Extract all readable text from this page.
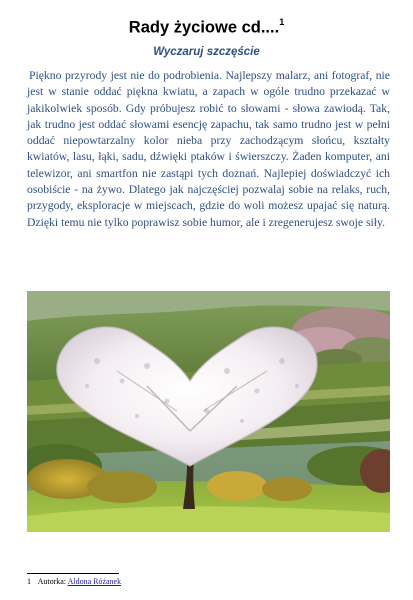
Rady życiowe cd....$^1$
Wyczaruj szczęście

Piękno przyrody jest nie do podrobienia. Najlepszy malarz, ani fotograf, nie jest w stanie oddać piękna kwiatu, a zapach w ogóle trudno przekazać w jakikolwiek sposób. Gdy próbujesz robić to słowami - słowa zawiodą. Tak, jak trudno jest oddać słowami esencję zapachu, tak samo trudno jest w pełni oddać niepowtarzalny kolor nieba przy zachodzącym słońcu, kształty kwiatów, lasu, łąki, sadu, dźwięki ptaków i świerszczy. Żaden komputer, ani telewizor, ani smartfon nie zastąpi tych doznań. Najlepiej doświadczyć ich osobiście - na żywo. Dlatego jak najczęściej pozwalaj sobie na relaks, ruch, przygody, eksploracje w miejscach, gdzie do woli możesz upajać się naturą. Dzięki temu nie tylko poprawisz sobie humor, ale i zregenerujesz swoje siły.

1 Autorka: Aldona Różanek
